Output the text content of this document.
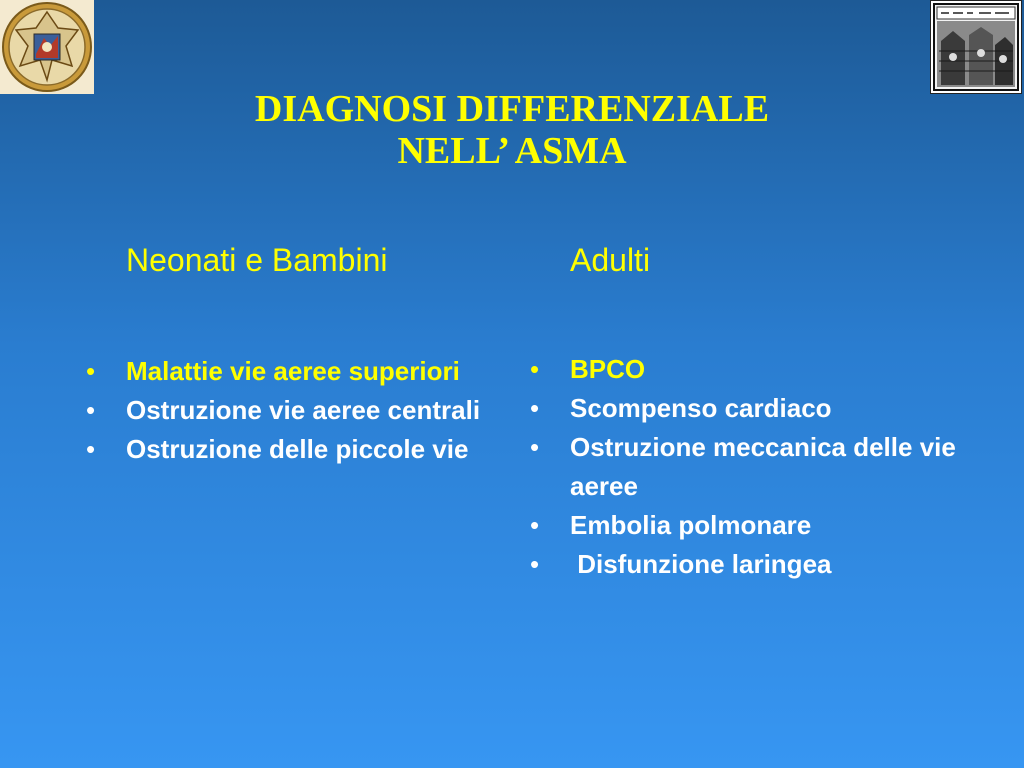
DIAGNOSI DIFFERENZIALE
NELL’ ASMA
Neonati e Bambini	Adulti
• Malattie vie aeree superiori
• Ostruzione vie aeree centrali
• Ostruzione delle piccole vie
• BPCO
• Scompenso cardiaco
• Ostruzione meccanica delle vie aeree
• Embolia polmonare
• Disfunzione laringea
